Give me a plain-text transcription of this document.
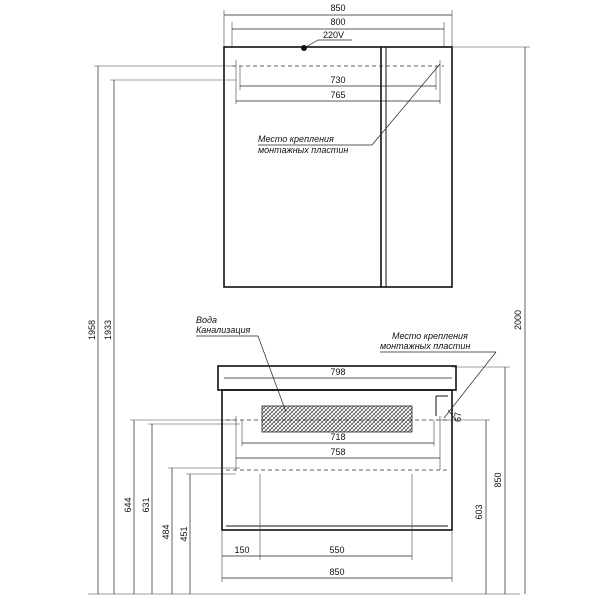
850
800
220V
730
765
Место крепления
монтажных пластин
1958 1933	2000
850
603
644 631
484 451
798
718
758
67
150	550
850
Вода
Канализация
Место крепления
монтажных пластин
